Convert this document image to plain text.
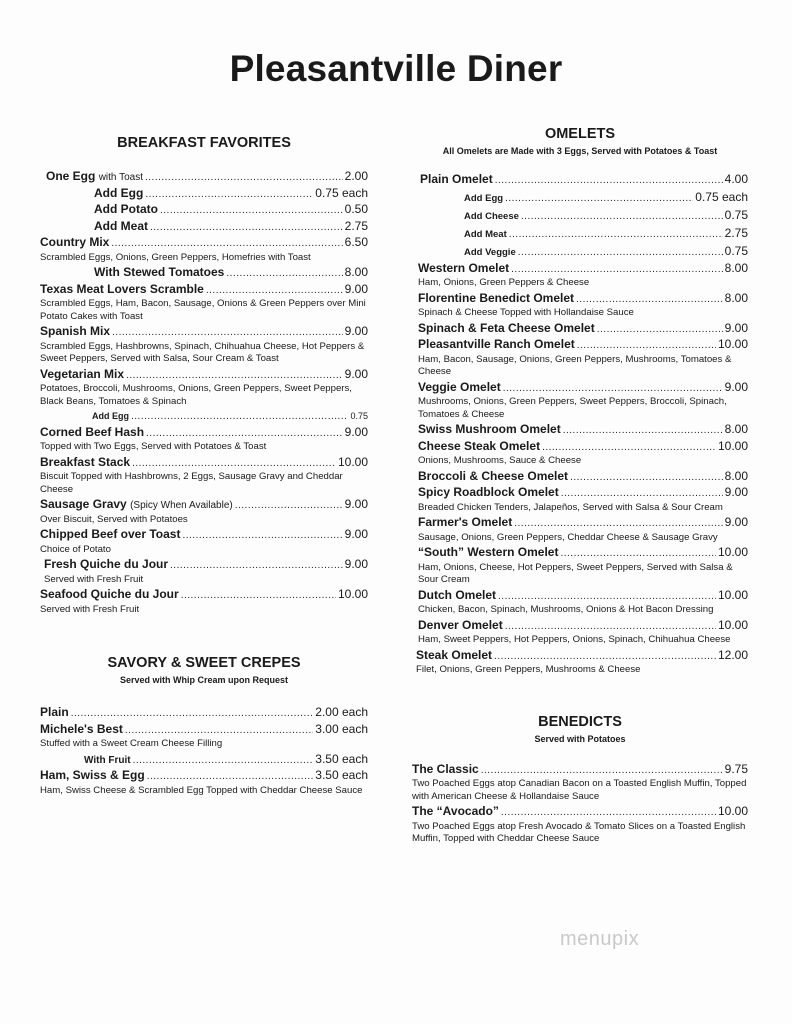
Pleasantville Diner

BREAKFAST FAVORITES

One Egg with Toast .....	2.00
Add Egg .....	0.75 each
Add Potato .....	0.50
Add Meat .....	2.75
Country Mix .....	6.50
Scrambled Eggs, Onions, Green Peppers, Homefries with Toast
With Stewed Tomatoes .....	8.00
Texas Meat Lovers Scramble .....	9.00
Scrambled Eggs, Ham, Bacon, Sausage, Onions & Green Peppers over Mini Potato Cakes with Toast
Spanish Mix .....	9.00
Scrambled Eggs, Hashbrowns, Spinach, Chihuahua Cheese, Hot Peppers & Sweet Peppers, Served with Salsa, Sour Cream & Toast
Vegetarian Mix .....	9.00
Potatoes, Broccoli, Mushrooms, Onions, Green Peppers, Sweet Peppers, Black Beans, Tomatoes & Spinach
Add Egg .....	0.75
Corned Beef Hash .....	9.00
Topped with Two Eggs, Served with Potatoes & Toast
Breakfast Stack .....	10.00
Biscuit Topped with Hashbrowns, 2 Eggs, Sausage Gravy and Cheddar Cheese
Sausage Gravy (Spicy When Available) .....	9.00
Over Biscuit, Served with Potatoes
Chipped Beef over Toast .....	9.00
Choice of Potato
Fresh Quiche du Jour .....	9.00
Served with Fresh Fruit
Seafood Quiche du Jour .....	10.00
Served with Fresh Fruit

SAVORY & SWEET CREPES

Served with Whip Cream upon Request

Plain .....	2.00 each
Michele's Best .....	3.00 each
Stuffed with a Sweet Cream Cheese Filling
With Fruit .....	3.50 each
Ham, Swiss & Egg .....	3.50 each
Ham, Swiss Cheese & Scrambled Egg Topped with Cheddar Cheese Sauce

OMELETS

All Omelets are Made with 3 Eggs, Served with Potatoes & Toast

Plain Omelet .....	4.00
Add Egg .....	0.75 each
Add Cheese .....	0.75
Add Meat .....	2.75
Add Veggie .....	0.75
Western Omelet .....	8.00
Ham, Onions, Green Peppers & Cheese
Florentine Benedict Omelet .....	8.00
Spinach & Cheese Topped with Hollandaise Sauce
Spinach & Feta Cheese Omelet .....	9.00
Pleasantville Ranch Omelet .....	10.00
Ham, Bacon, Sausage, Onions, Green Peppers, Mushrooms, Tomatoes & Cheese
Veggie Omelet .....	9.00
Mushrooms, Onions, Green Peppers, Sweet Peppers, Broccoli, Spinach, Tomatoes & Cheese
Swiss Mushroom Omelet .....	8.00
Cheese Steak Omelet .....	10.00
Onions, Mushrooms, Sauce & Cheese
Broccoli & Cheese Omelet .....	8.00
Spicy Roadblock Omelet .....	9.00
Breaded Chicken Tenders, Jalapeños, Served with Salsa & Sour Cream
Farmer's Omelet .....	9.00
Sausage, Onions, Green Peppers, Cheddar Cheese & Sausage Gravy
“South” Western Omelet .....	10.00
Ham, Onions, Cheese, Hot Peppers, Sweet Peppers, Served with Salsa & Sour Cream
Dutch Omelet .....	10.00
Chicken, Bacon, Spinach, Mushrooms, Onions & Hot Bacon Dressing
Denver Omelet .....	10.00
Ham, Sweet Peppers, Hot Peppers, Onions, Spinach, Chihuahua Cheese
Steak Omelet .....	12.00
Filet, Onions, Green Peppers, Mushrooms & Cheese

BENEDICTS

Served with Potatoes

The Classic .....	9.75
Two Poached Eggs atop Canadian Bacon on a Toasted English Muffin, Topped with American Cheese & Hollandaise Sauce
The “Avocado” .....	10.00
Two Poached Eggs atop Fresh Avocado & Tomato Slices on a Toasted English Muffin, Topped with Cheddar Cheese Sauce
menupix
